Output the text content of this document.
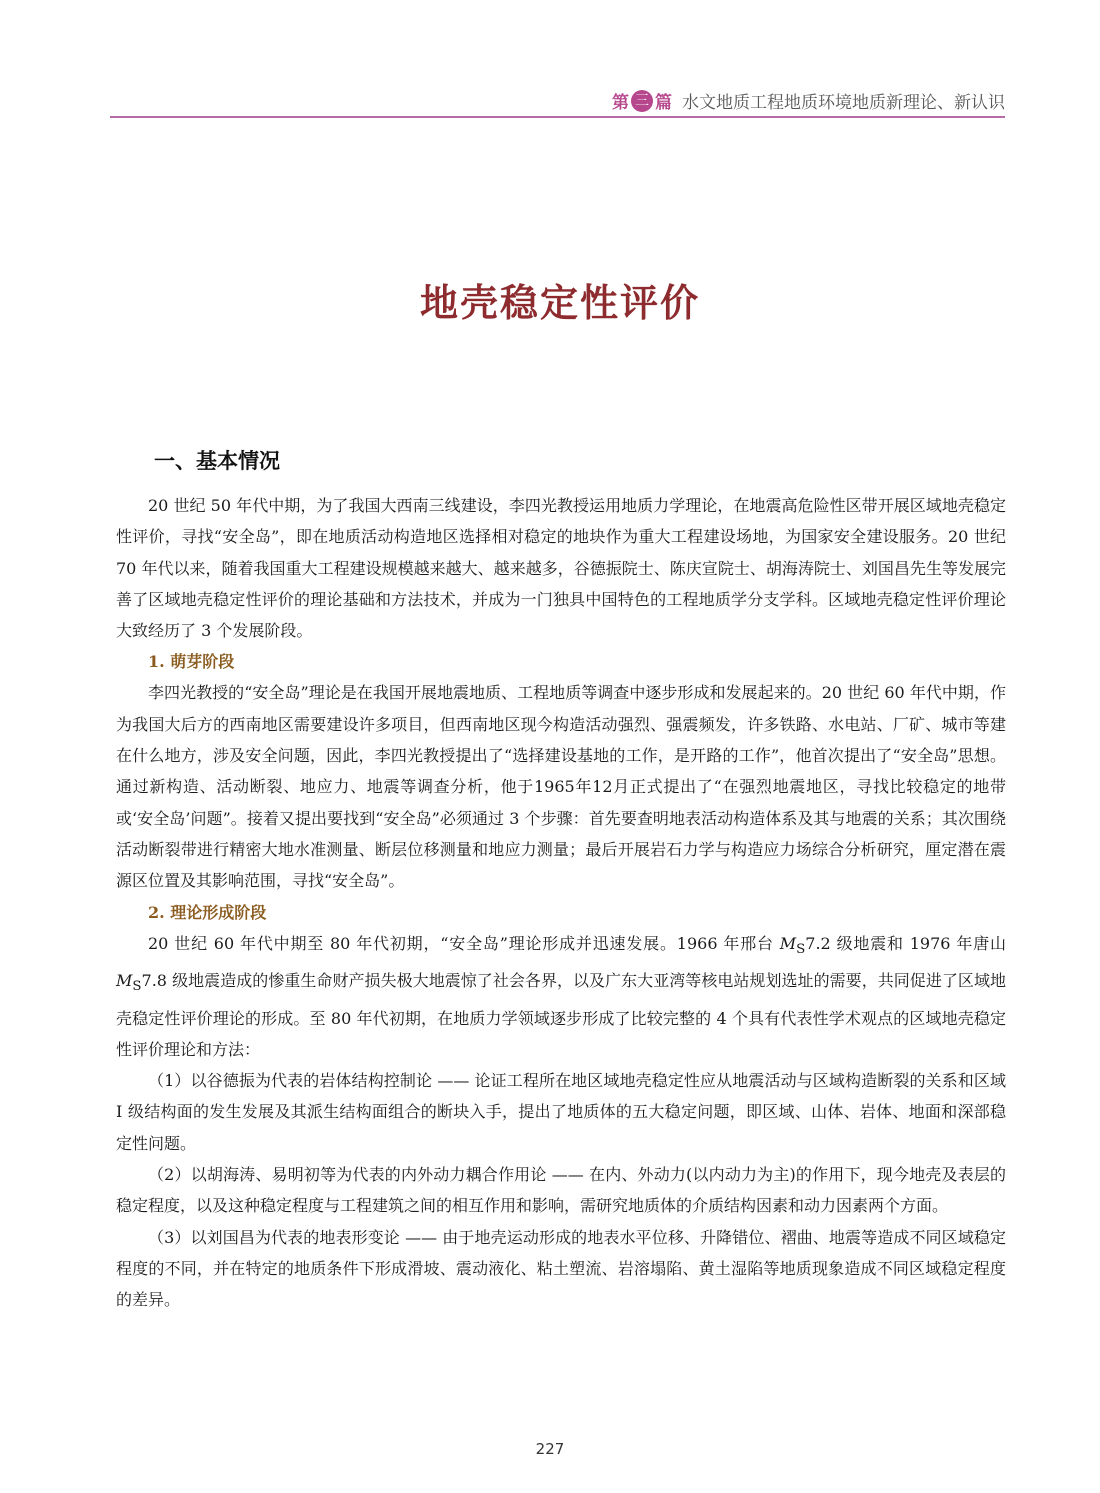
第 三 篇 水文地质工程地质环境地质新理论、新认识
地壳稳定性评价
一、基本情况

20 世纪 50 年代中期，为了我国大西南三线建设，李四光教授运用地质力学理论，在地震高危险性区带开展区域地壳稳定性评价，寻找“安全岛”，即在地质活动构造地区选择相对稳定的地块作为重大工程建设场地，为国家安全建设服务。20 世纪 70 年代以来，随着我国重大工程建设规模越来越大、越来越多，谷德振院士、陈庆宣院士、胡海涛院士、刘国昌先生等发展完善了区域地壳稳定性评价的理论基础和方法技术，并成为一门独具中国特色的工程地质学分支学科。区域地壳稳定性评价理论大致经历了 3 个发展阶段。

1. 萌芽阶段

李四光教授的“安全岛”理论是在我国开展地震地质、工程地质等调查中逐步形成和发展起来的。20 世纪 60 年代中期，作为我国大后方的西南地区需要建设许多项目，但西南地区现今构造活动强烈、强震频发，许多铁路、水电站、厂矿、城市等建在什么地方，涉及安全问题，因此，李四光教授提出了“选择建设基地的工作，是开路的工作”，他首次提出了“安全岛”思想。通过新构造、活动断裂、地应力、地震等调查分析，他于1965年12月正式提出了“在强烈地震地区，寻找比较稳定的地带或‘安全岛’问题”。接着又提出要找到“安全岛”必须通过 3 个步骤：首先要查明地表活动构造体系及其与地震的关系；其次围绕活动断裂带进行精密大地水准测量、断层位移测量和地应力测量；最后开展岩石力学与构造应力场综合分析研究，厘定潜在震源区位置及其影响范围，寻找“安全岛”。

2. 理论形成阶段

20 世纪 60 年代中期至 80 年代初期，“安全岛”理论形成并迅速发展。1966 年邢台 $M_S7.2$ 级地震和 1976 年唐山 $M_S7.8$ 级地震造成的惨重生命财产损失极大地震惊了社会各界，以及广东大亚湾等核电站规划选址的需要，共同促进了区域地壳稳定性评价理论的形成。至 80 年代初期，在地质力学领域逐步形成了比较完整的 4 个具有代表性学术观点的区域地壳稳定性评价理论和方法：

（1）以谷德振为代表的岩体结构控制论 —— 论证工程所在地区域地壳稳定性应从地震活动与区域构造断裂的关系和区域 Ⅰ 级结构面的发生发展及其派生结构面组合的断块入手，提出了地质体的五大稳定问题，即区域、山体、岩体、地面和深部稳定性问题。

（2）以胡海涛、易明初等为代表的内外动力耦合作用论 —— 在内、外动力(以内动力为主)的作用下，现今地壳及表层的稳定程度，以及这种稳定程度与工程建筑之间的相互作用和影响，需研究地质体的介质结构因素和动力因素两个方面。

（3）以刘国昌为代表的地表形变论 —— 由于地壳运动形成的地表水平位移、升降错位、褶曲、地震等造成不同区域稳定程度的不同，并在特定的地质条件下形成滑坡、震动液化、粘土塑流、岩溶塌陷、黄土湿陷等地质现象造成不同区域稳定程度的差异。

227
